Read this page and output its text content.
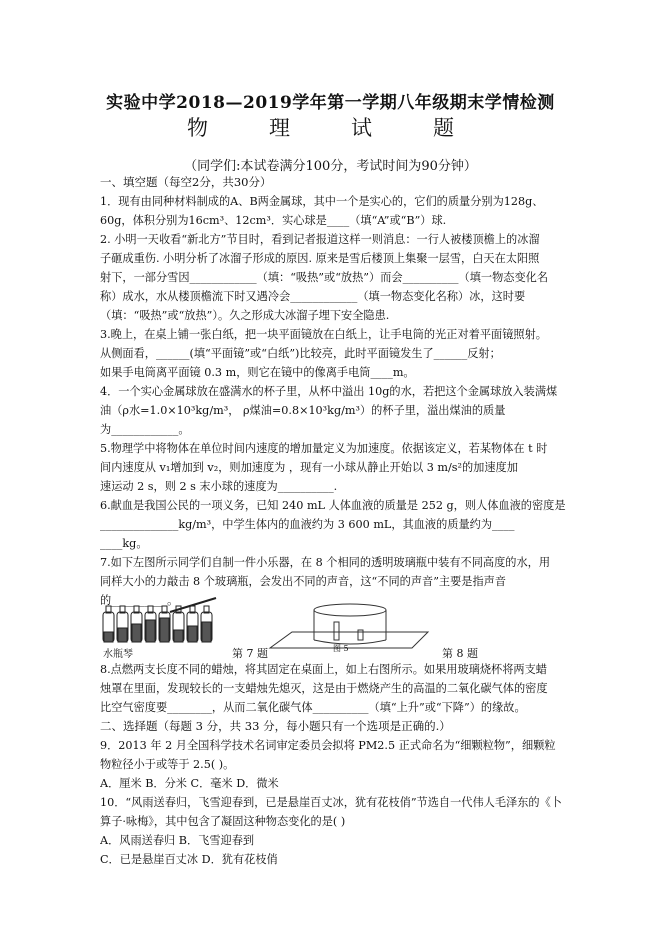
实验中学2018—2019学年第一学期八年级期末学情检测
物　理　试　题
（同学们:本试卷满分100分，考试时间为90分钟）
一、填空题（每空2分，共30分）
1．现有由同种材料制成的A、B两金属球，其中一个是实心的，它们的质量分别为128g、
60g，体积分别为16cm³、12cm³．实心球是____（填“A”或“B”）球.
2. 小明一天收看“新北方”节目时，看到记者报道这样一则消息：一行人被楼顶檐上的冰溜
子砸成重伤. 小明分析了冰溜子形成的原因. 原来是雪后楼顶上集聚一层雪，白天在太阳照
射下，一部分雪因____________（填：“吸热”或“放热”）而会__________（填一物态变化名
称）成水，水从楼顶檐流下时又遇冷会____________（填一物态变化名称）冰，这时要
（填：“吸热”或“放热”）。久之形成大冰溜子埋下安全隐患.
3.晚上，在桌上铺一张白纸，把一块平面镜放在白纸上，让手电筒的光正对着平面镜照射。
从侧面看，______(填“平面镜”或“白纸”)比较亮，此时平面镜发生了______反射；
如果手电筒离平面镜 0.3 m，则它在镜中的像离手电筒____m。
4．一个实心金属球放在盛满水的杯子里，从杯中溢出 10g的水，若把这个金属球放入装满煤
油（ρ水=1.0×10³kg/m³， ρ煤油=0.8×10³kg/m³）的杯子里，溢出煤油的质量
为____________。
5.物理学中将物体在单位时间内速度的增加量定义为加速度。依据该定义，若某物体在 t 时
间内速度从 v₁增加到 v₂，则加速度为 ，现有一小球从静止开始以 3 m/s²的加速度加
速运动 2 s，则 2 s 末小球的速度为__________.
6.献血是我国公民的一项义务，已知 240 mL 人体血液的质量是 252 g，则人体血液的密度是
______________kg/m³，中学生体内的血液约为 3 600 mL，其血液的质量约为____
____kg。
7.如下左图所示同学们自制一件小乐器，在 8 个相同的透明玻璃瓶中装有不同高度的水，用
同样大小的力敲击 8 个玻璃瓶，会发出不同的声音，这“不同的声音”主要是指声音
的__________。
水瓶琴
图 5
第 7 题	第 8 题
8.点燃两支长度不同的蜡烛，将其固定在桌面上，如上右图所示。如果用玻璃烧杯将两支蜡
烛罩在里面，发现较长的一支蜡烛先熄灭，这是由于燃烧产生的高温的二氧化碳气体的密度
比空气密度要________，从而二氧化碳气体__________（填“上升”或“下降”）的缘故。
二、选择题（每题 3 分，共 33 分，每小题只有一个选项是正确的.）
9．2013 年 2 月全国科学技术名词审定委员会拟将 PM2.5 正式命名为“细颗粒物”，细颗粒
物粒径小于或等于 2.5( )。
A．厘米 B．分米 C．毫米 D．微米
10．“风雨送春归，飞雪迎春到，已是悬崖百丈冰，犹有花枝俏”节选自一代伟人毛泽东的《卜
算子·咏梅》，其中包含了凝固这种物态变化的是( )
A．风雨送春归 B．飞雪迎春到
C．已是悬崖百丈冰 D．犹有花枝俏
